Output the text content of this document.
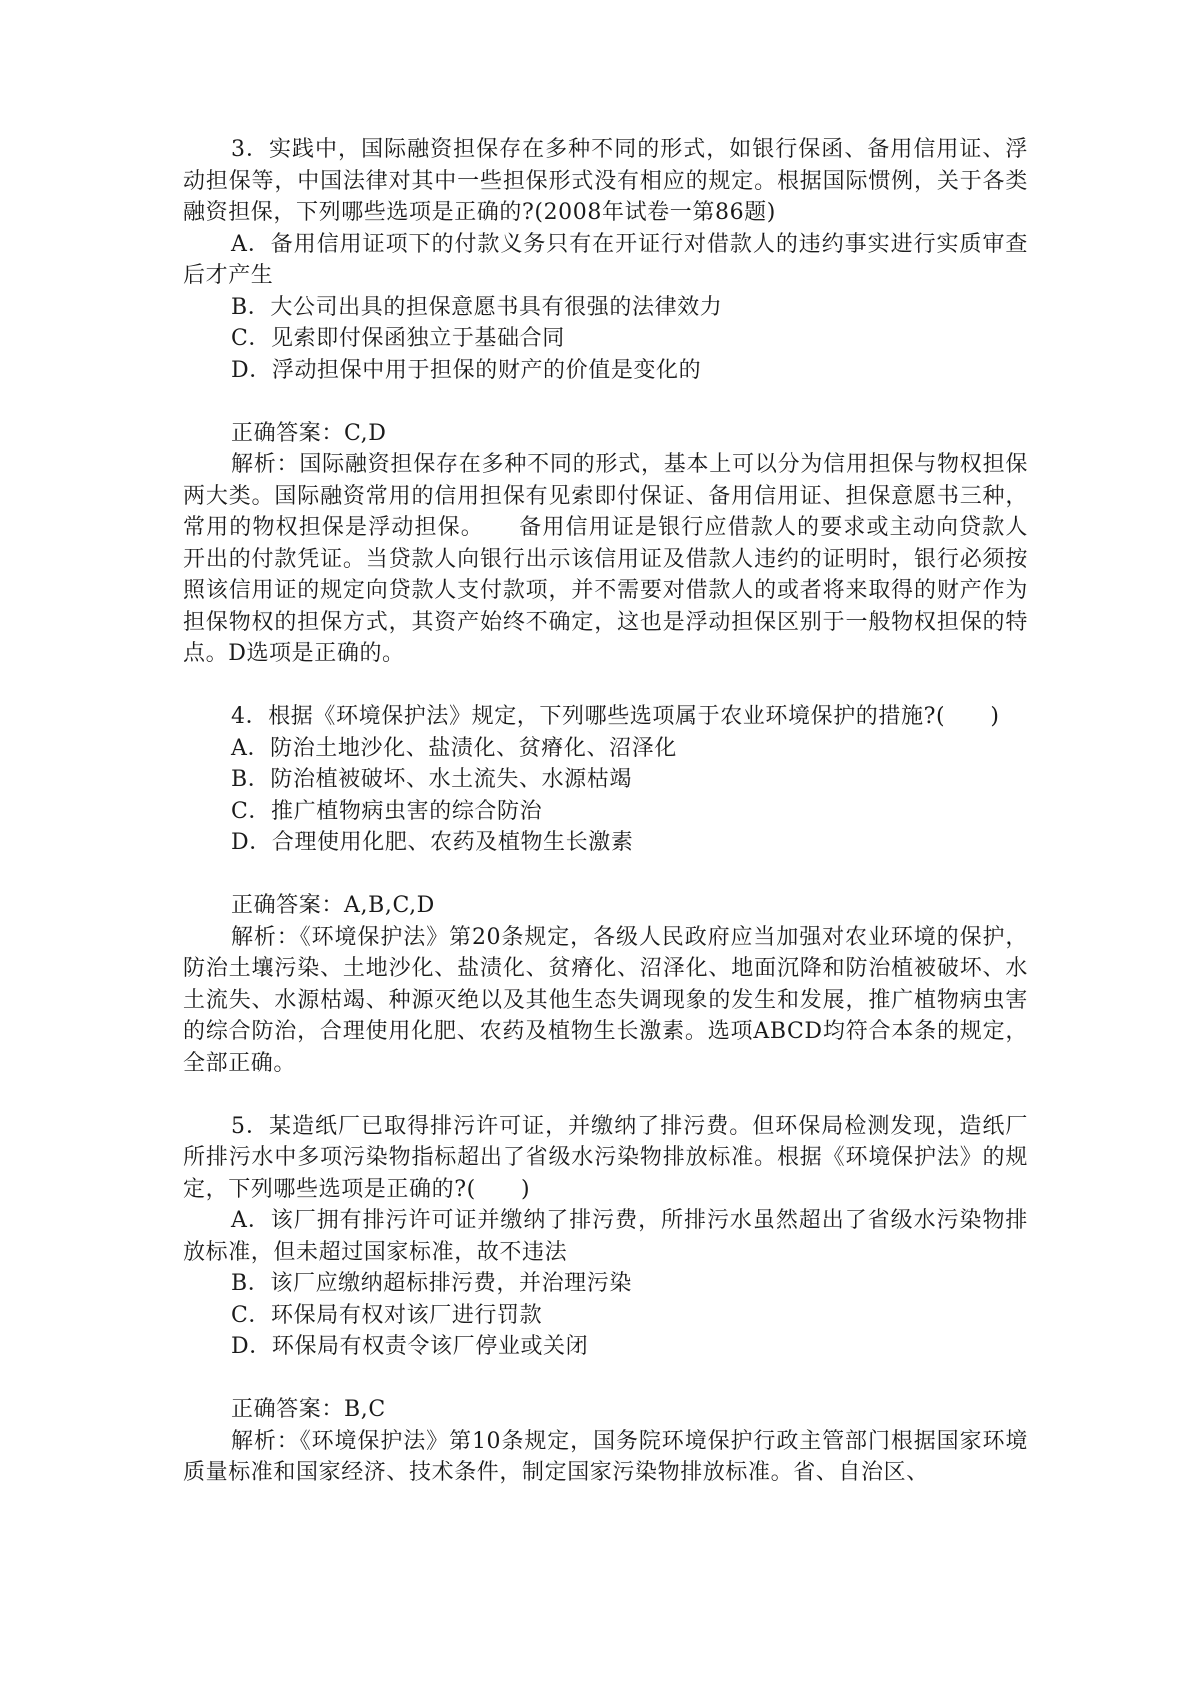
3．实践中，国际融资担保存在多种不同的形式，如银行保函、备用信用证、浮动担保等，中国法律对其中一些担保形式没有相应的规定。根据国际惯例，关于各类融资担保，下列哪些选项是正确的?(2008年试卷一第86题)

A．备用信用证项下的付款义务只有在开证行对借款人的违约事实进行实质审查后才产生

B．大公司出具的担保意愿书具有很强的法律效力

C．见索即付保函独立于基础合同

D．浮动担保中用于担保的财产的价值是变化的

正确答案：C,D

解析：国际融资担保存在多种不同的形式，基本上可以分为信用担保与物权担保两大类。国际融资常用的信用担保有见索即付保证、备用信用证、担保意愿书三种，常用的物权担保是浮动担保。　　备用信用证是银行应借款人的要求或主动向贷款人开出的付款凭证。当贷款人向银行出示该信用证及借款人违约的证明时，银行必须按照该信用证的规定向贷款人支付款项，并不需要对借款人的或者将来取得的财产作为担保物权的担保方式，其资产始终不确定，这也是浮动担保区别于一般物权担保的特点。D选项是正确的。

4．根据《环境保护法》规定，下列哪些选项属于农业环境保护的措施?(　　)

A．防治土地沙化、盐渍化、贫瘠化、沼泽化

B．防治植被破坏、水土流失、水源枯竭

C．推广植物病虫害的综合防治

D．合理使用化肥、农药及植物生长激素

正确答案：A,B,C,D

解析：《环境保护法》第20条规定，各级人民政府应当加强对农业环境的保护，防治土壤污染、土地沙化、盐渍化、贫瘠化、沼泽化、地面沉降和防治植被破坏、水土流失、水源枯竭、种源灭绝以及其他生态失调现象的发生和发展，推广植物病虫害的综合防治，合理使用化肥、农药及植物生长激素。选项ABCD均符合本条的规定，全部正确。

5．某造纸厂已取得排污许可证，并缴纳了排污费。但环保局检测发现，造纸厂所排污水中多项污染物指标超出了省级水污染物排放标准。根据《环境保护法》的规定，下列哪些选项是正确的?(　　)

A．该厂拥有排污许可证并缴纳了排污费，所排污水虽然超出了省级水污染物排放标准，但未超过国家标准，故不违法

B．该厂应缴纳超标排污费，并治理污染

C．环保局有权对该厂进行罚款

D．环保局有权责令该厂停业或关闭

正确答案：B,C

解析：《环境保护法》第10条规定，国务院环境保护行政主管部门根据国家环境质量标准和国家经济、技术条件，制定国家污染物排放标准。省、自治区、
